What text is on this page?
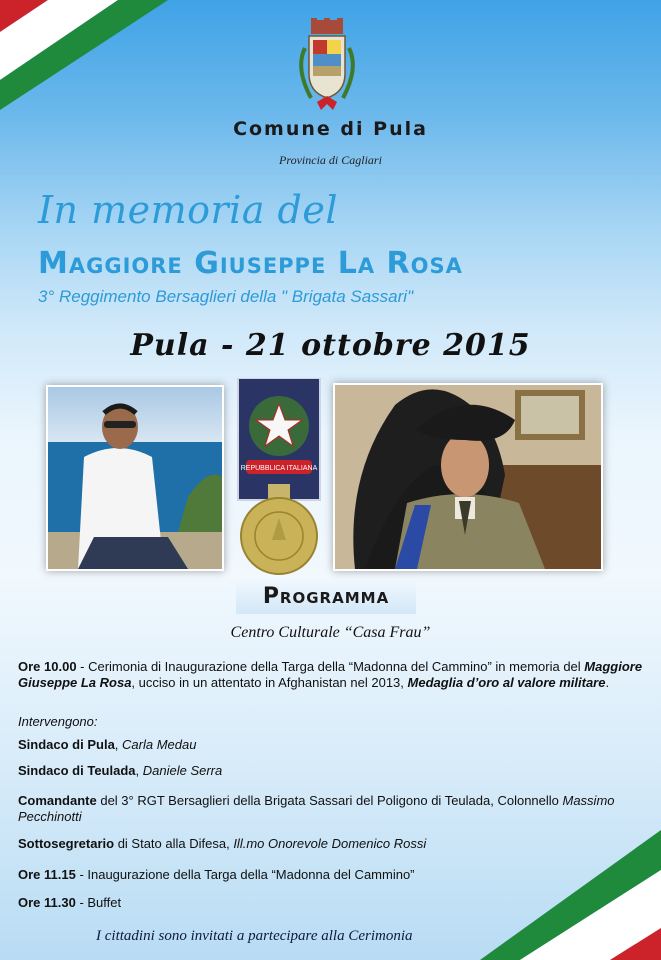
Comune di Pula
Provincia di Cagliari
In memoria del
Maggiore Giuseppe La Rosa
3° Reggimento Bersaglieri della " Brigata Sassari"
Pula - 21 ottobre 2015
REPUBBLICA ITALIANA
Programma
Centro Culturale “Casa Frau”
Ore 10.00 - Cerimonia di Inaugurazione della Targa della “Madonna del Cammino” in memoria del Maggiore Giuseppe La Rosa, ucciso in un attentato in Afghanistan nel 2013, Medaglia d’oro al valore militare.
Intervengono:
Sindaco di Pula, Carla Medau
Sindaco di Teulada, Daniele Serra
Comandante del 3° RGT Bersaglieri della Brigata Sassari del Poligono di Teulada, Colonnello Massimo Pecchinotti
Sottosegretario di Stato alla Difesa, Ill.mo Onorevole Domenico Rossi
Ore 11.15 - Inaugurazione della Targa della “Madonna del Cammino”
Ore 11.30 - Buffet
I cittadini sono invitati a partecipare alla Cerimonia
